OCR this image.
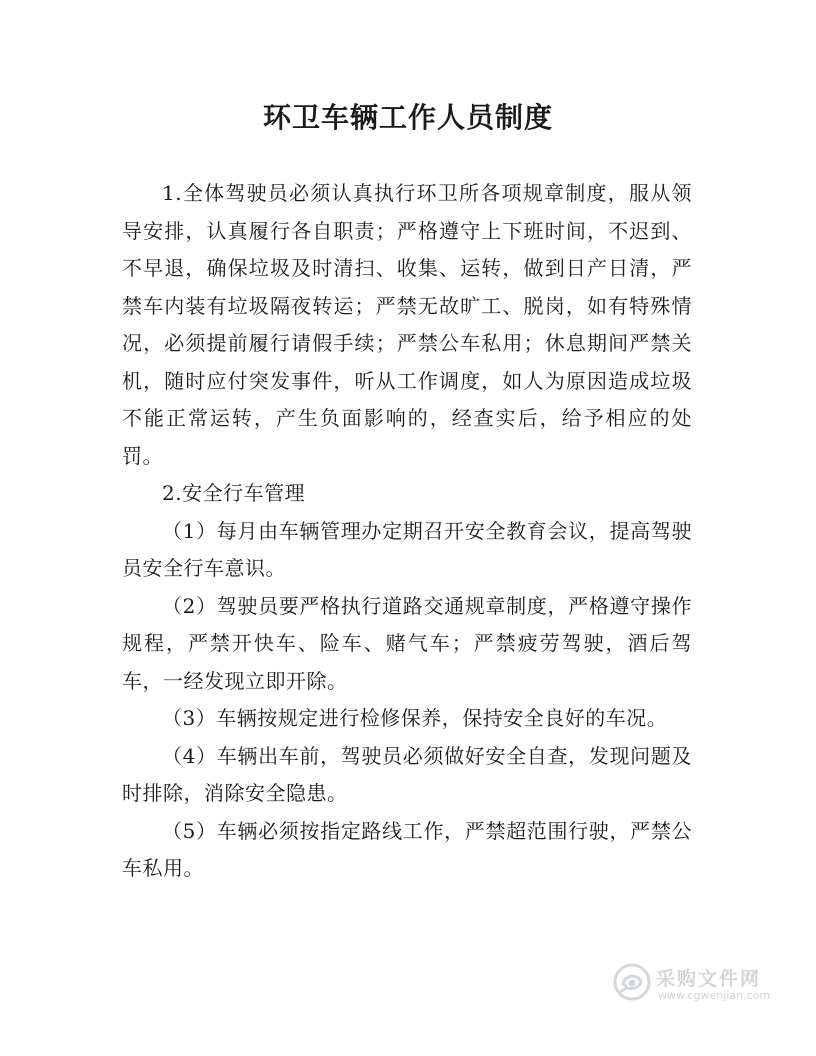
环卫车辆工作人员制度

1.全体驾驶员必须认真执行环卫所各项规章制度，服从领导安排，认真履行各自职责；严格遵守上下班时间，不迟到、不早退，确保垃圾及时清扫、收集、运转，做到日产日清，严禁车内装有垃圾隔夜转运；严禁无故旷工、脱岗，如有特殊情况，必须提前履行请假手续；严禁公车私用；休息期间严禁关机，随时应付突发事件，听从工作调度，如人为原因造成垃圾不能正常运转，产生负面影响的，经查实后，给予相应的处罚。

2.安全行车管理

（1）每月由车辆管理办定期召开安全教育会议，提高驾驶员安全行车意识。

（2）驾驶员要严格执行道路交通规章制度，严格遵守操作规程，严禁开快车、险车、赌气车；严禁疲劳驾驶，酒后驾车，一经发现立即开除。

（3）车辆按规定进行检修保养，保持安全良好的车况。

（4）车辆出车前，驾驶员必须做好安全自查，发现问题及时排除，消除安全隐患。

（5）车辆必须按指定路线工作，严禁超范围行驶，严禁公车私用。

采购文件网
www.cgwenjian.com
